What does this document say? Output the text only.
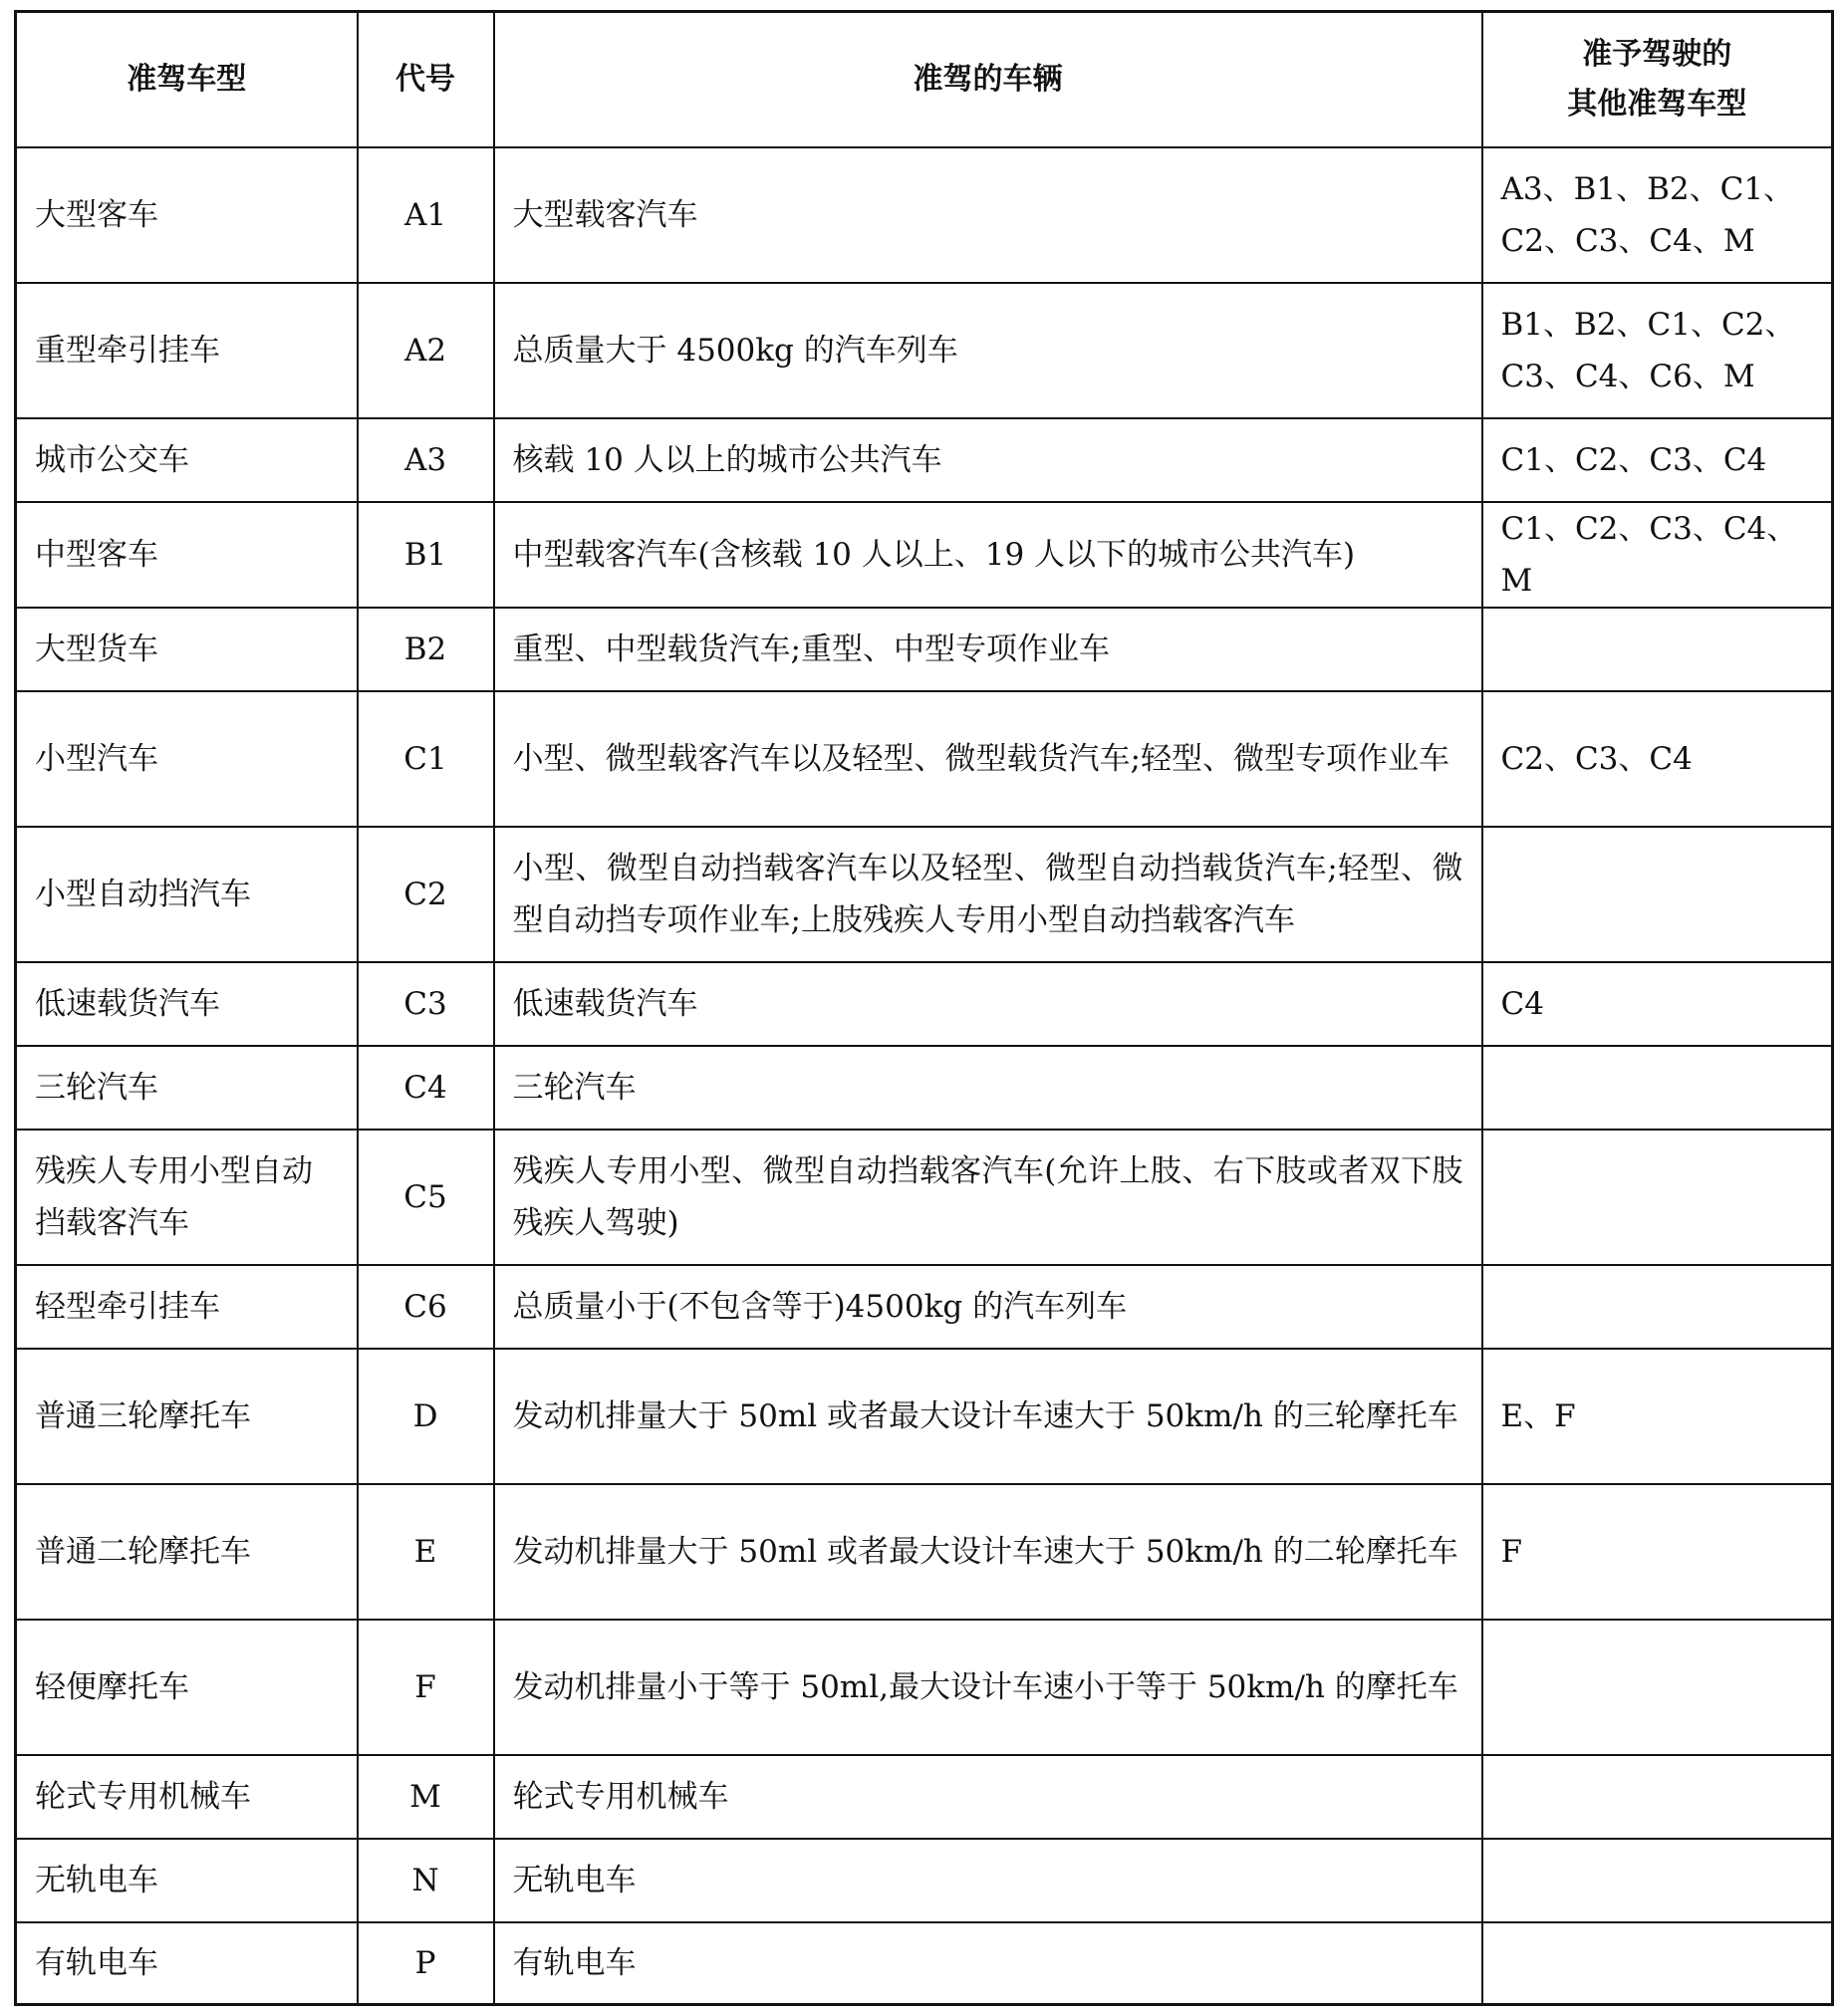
准驾车型	代号	准驾的车辆	准予驾驶的
其他准驾车型

大型客车	A1	大型载客汽车	A3、B1、B2、C1、C2、C3、C4、M
重型牵引挂车	A2	总质量大于 4500kg 的汽车列车	B1、B2、C1、C2、C3、C4、C6、M
城市公交车	A3	核载 10 人以上的城市公共汽车	C1、C2、C3、C4
中型客车	B1	中型载客汽车(含核载 10 人以上、19 人以下的城市公共汽车)	C1、C2、C3、C4、M
大型货车	B2	重型、中型载货汽车;重型、中型专项作业车	
小型汽车	C1	小型、微型载客汽车以及轻型、微型载货汽车;轻型、微型专项作业车	C2、C3、C4
小型自动挡汽车	C2	小型、微型自动挡载客汽车以及轻型、微型自动挡载货汽车;轻型、微型自动挡专项作业车;上肢残疾人专用小型自动挡载客汽车	
低速载货汽车	C3	低速载货汽车	C4
三轮汽车	C4	三轮汽车	
残疾人专用小型自动挡载客汽车	C5	残疾人专用小型、微型自动挡载客汽车(允许上肢、右下肢或者双下肢残疾人驾驶)	
轻型牵引挂车	C6	总质量小于(不包含等于)4500kg 的汽车列车	
普通三轮摩托车	D	发动机排量大于 50ml 或者最大设计车速大于 50km/h 的三轮摩托车	E、F
普通二轮摩托车	E	发动机排量大于 50ml 或者最大设计车速大于 50km/h 的二轮摩托车	F
轻便摩托车	F	发动机排量小于等于 50ml,最大设计车速小于等于 50km/h 的摩托车	
轮式专用机械车	M	轮式专用机械车	
无轨电车	N	无轨电车	
有轨电车	P	有轨电车	
